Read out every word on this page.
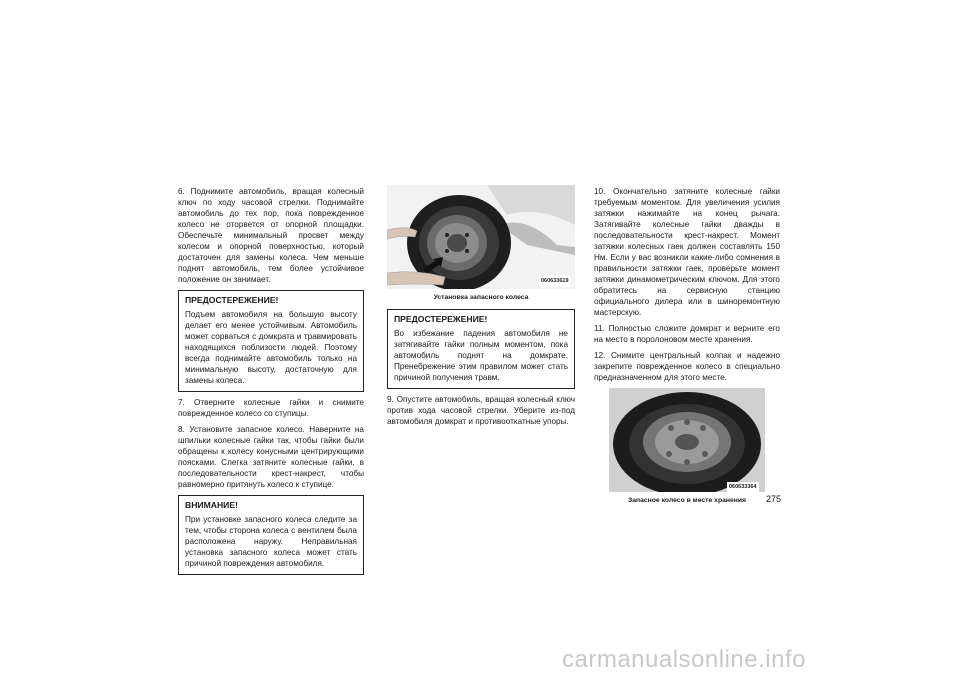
6. Поднимите автомобиль, вращая колесный ключ по ходу часовой стрелки. Поднимайте автомобиль до тех пор, пока поврежденное колесо не оторвется от опорной площадки. Обеспечьте минимальный просвет между колесом и опорной поверхностью, который достаточен для замены колеса. Чем меньше поднят автомобиль, тем более устойчивое положение он занимает.

ПРЕДОСТЕРЕЖЕНИЕ!
Подъем автомобиля на большую высоту делает его менее устойчивым. Автомобиль может сорваться с домкрата и травмировать находящихся поблизости людей. Поэтому всегда поднимайте автомобиль только на минимальную высоту, достаточную для замены колеса.

7. Отверните колесные гайки и снимите поврежденное колесо со ступицы.

8. Установите запасное колесо. Наверните на шпильки колесные гайки так, чтобы гайки были обращены к колесу конусными центрирующими поясками. Слегка затяните колесные гайки, в последовательности крест-накрест, чтобы равномерно притянуть колесо к ступице.

ВНИМАНИЕ!
При установке запасного колеса следите за тем, чтобы сторона колеса с вентилем была расположена наружу. Неправильная установка запасного колеса может стать причиной повреждения автомобиля.
060633619
Установка запасного колеса
ПРЕДОСТЕРЕЖЕНИЕ!
Во избежание падения автомобиля не затягивайте гайки полным моментом, пока автомобиль поднят на домкрате. Пренебрежение этим правилом может стать причиной получения травм.

9. Опустите автомобиль, вращая колесный ключ против хода часовой стрелки. Уберите из-под автомобиля домкрат и противооткатные упоры.

10. Окончательно затяните колесные гайки требуемым моментом. Для увеличения усилия затяжки нажимайте на конец рычага. Затягивайте колесные гайки дважды в последовательности крест-накрест. Момент затяжки колесных гаек должен составлять 150 Нм. Если у вас возникли какие-либо сомнения в правильности затяжки гаек, проверьте момент затяжки динамометрическим ключом. Для этого обратитесь на сервисную станцию официального дилера или в шиноремонтную мастерскую.

11. Полностью сложите домкрат и верните его на место в поролоновом месте хранения.

12. Снимите центральный колпак и надежно закрепите поврежденное колесо в специально предназначенном для этого месте.

060633364
Запасное колесо в месте хранения	275
carmanualsonline.info
